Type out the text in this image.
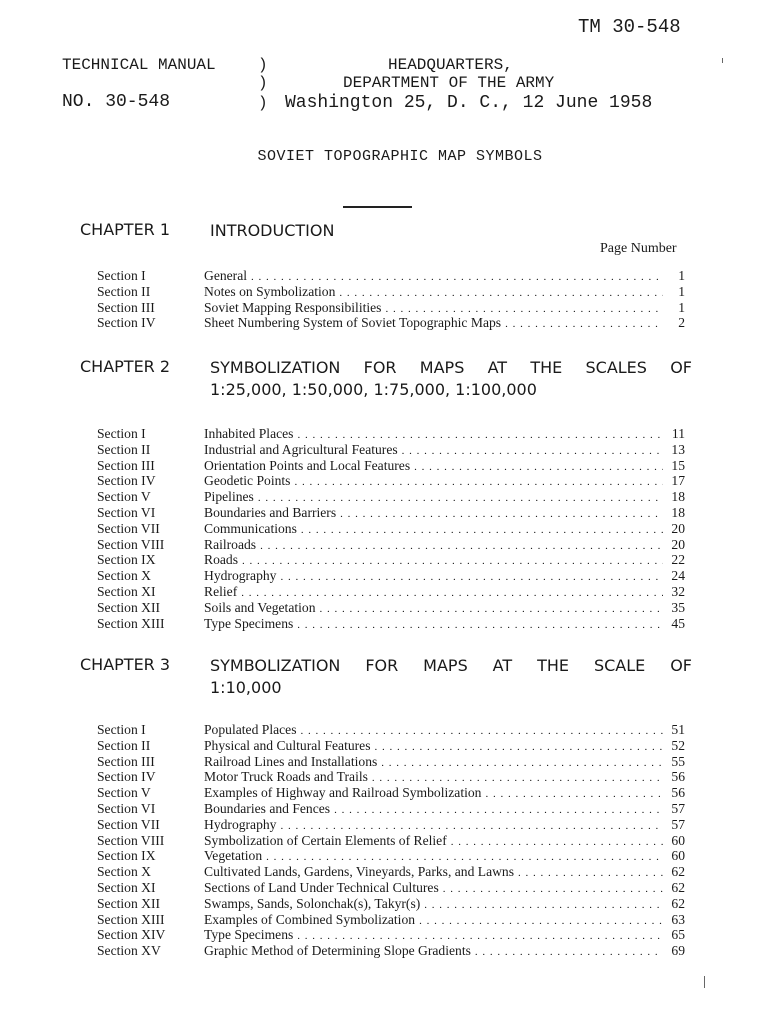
TM 30-548
TECHNICAL MANUAL	)
)
)
NO. 30-548
HEADQUARTERS,
DEPARTMENT OF THE ARMY
Washington 25, D. C., 12 June 1958
SOVIET TOPOGRAPHIC MAP SYMBOLS
Page Number
CHAPTER 1 INTRODUCTION
Section I	General . . .	1
Section II	Notes on Symbolization . . .	1
Section III	Soviet Mapping Responsibilities . . .	1
Section IV	Sheet Numbering System of Soviet Topographic Maps . . .	2
CHAPTER 2 SYMBOLIZATION FOR MAPS AT THE SCALES OF
1:25,000, 1:50,000, 1:75,000, 1:100,000
Section I	Inhabited Places . . .	11
Section II	Industrial and Agricultural Features . . .	13
Section III	Orientation Points and Local Features . . .	15
Section IV	Geodetic Points . . .	17
Section V	Pipelines . . .	18
Section VI	Boundaries and Barriers . . .	18
Section VII	Communications . . .	20
Section VIII	Railroads . . .	20
Section IX	Roads . . .	22
Section X	Hydrography . . .	24
Section XI	Relief . . .	32
Section XII	Soils and Vegetation . . .	35
Section XIII	Type Specimens . . .	45
CHAPTER 3 SYMBOLIZATION FOR MAPS AT THE SCALE OF
1:10,000
Section I	Populated Places . . .	51
Section II	Physical and Cultural Features . . .	52
Section III	Railroad Lines and Installations . . .	55
Section IV	Motor Truck Roads and Trails . . .	56
Section V	Examples of Highway and Railroad Symbolization . . .	56
Section VI	Boundaries and Fences . . .	57
Section VII	Hydrography . . .	57
Section VIII	Symbolization of Certain Elements of Relief . . .	60
Section IX	Vegetation . . .	60
Section X	Cultivated Lands, Gardens, Vineyards, Parks, and Lawns . . .	62
Section XI	Sections of Land Under Technical Cultures . . .	62
Section XII	Swamps, Sands, Solonchak(s), Takyr(s) . . .	62
Section XIII	Examples of Combined Symbolization . . .	63
Section XIV	Type Specimens . . .	65
Section XV	Graphic Method of Determining Slope Gradients . . .	69
